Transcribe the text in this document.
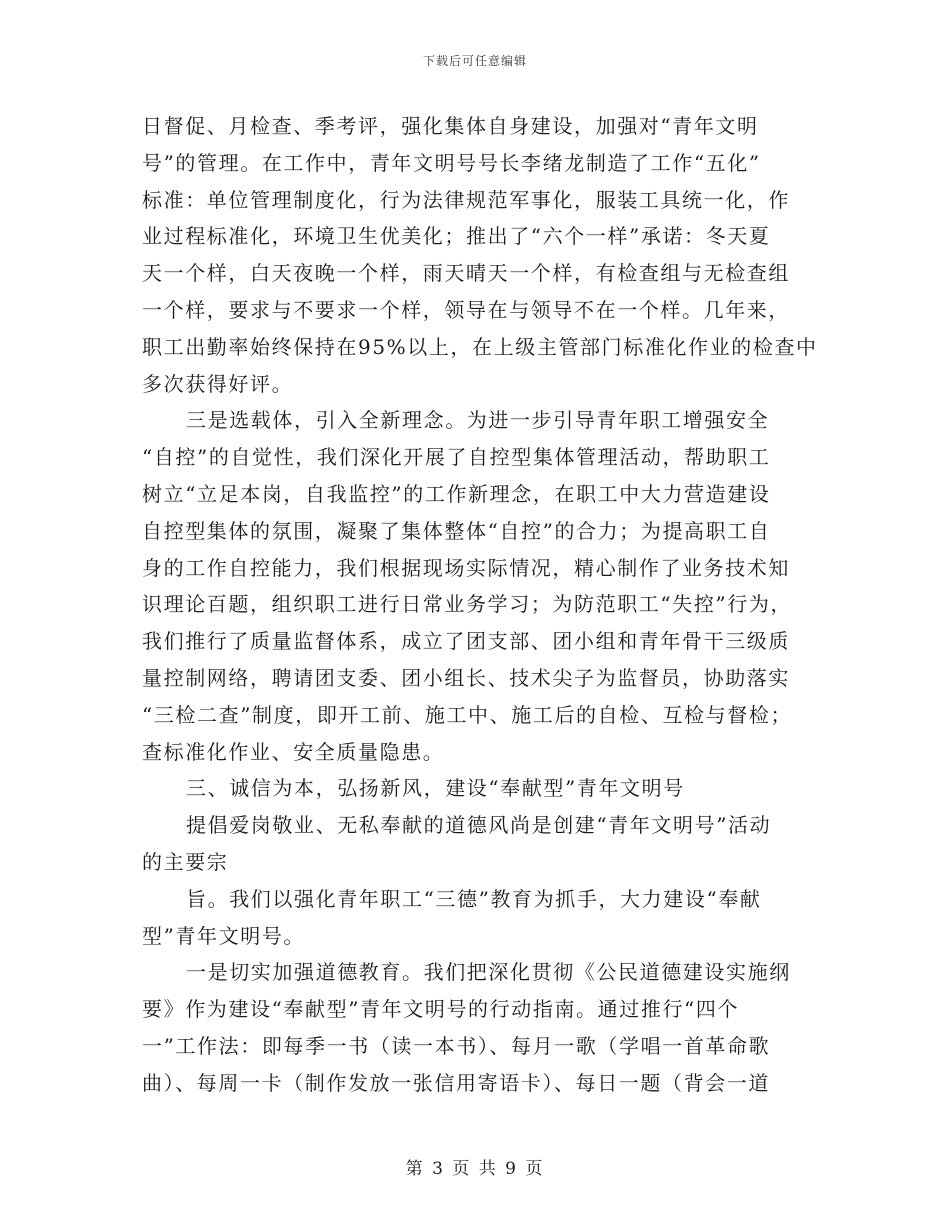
下载后可任意编辑
日督促、月检查、季考评，强化集体自身建设，加强对“青年文明
号”的管理。在工作中，青年文明号号长李绪龙制造了工作“五化”
标准：单位管理制度化，行为法律规范军事化，服装工具统一化，作
业过程标准化，环境卫生优美化；推出了“六个一样”承诺：冬天夏
天一个样，白天夜晚一个样，雨天晴天一个样，有检查组与无检查组
一个样，要求与不要求一个样，领导在与领导不在一个样。几年来，
职工出勤率始终保持在95%以上，在上级主管部门标准化作业的检查中
多次获得好评。
三是选载体，引入全新理念。为进一步引导青年职工增强安全
“自控”的自觉性，我们深化开展了自控型集体管理活动，帮助职工
树立“立足本岗，自我监控”的工作新理念，在职工中大力营造建设
自控型集体的氛围，凝聚了集体整体“自控”的合力；为提高职工自
身的工作自控能力，我们根据现场实际情况，精心制作了业务技术知
识理论百题，组织职工进行日常业务学习；为防范职工“失控”行为，
我们推行了质量监督体系，成立了团支部、团小组和青年骨干三级质
量控制网络，聘请团支委、团小组长、技术尖子为监督员，协助落实
“三检二查”制度，即开工前、施工中、施工后的自检、互检与督检；
查标准化作业、安全质量隐患。
三、诚信为本，弘扬新风，建设“奉献型”青年文明号
提倡爱岗敬业、无私奉献的道德风尚是创建“青年文明号”活动
的主要宗
旨。我们以强化青年职工“三德”教育为抓手，大力建设“奉献
型”青年文明号。
一是切实加强道德教育。我们把深化贯彻《公民道德建设实施纲
要》作为建设“奉献型”青年文明号的行动指南。通过推行“四个
一”工作法：即每季一书（读一本书）、每月一歌（学唱一首革命歌
曲）、每周一卡（制作发放一张信用寄语卡）、每日一题（背会一道
第 3 页 共 9 页
